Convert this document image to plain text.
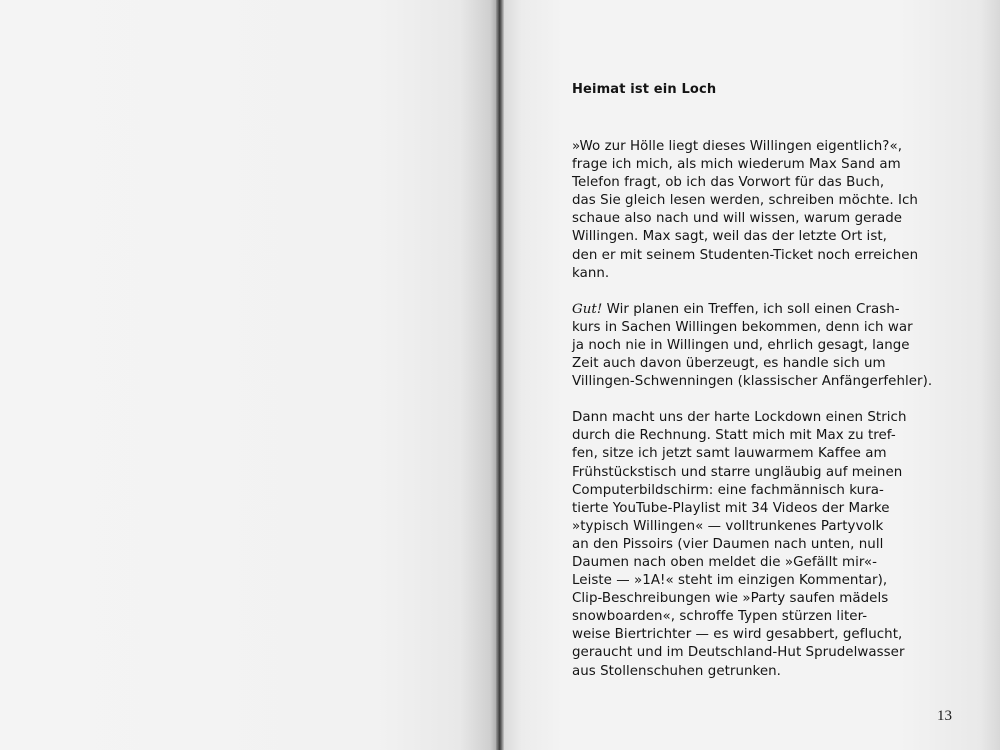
Heimat ist ein Loch

»Wo zur Hölle liegt dieses Willingen eigentlich?«,
frage ich mich, als mich wiederum Max Sand am
Telefon fragt, ob ich das Vorwort für das Buch,
das Sie gleich lesen werden, schreiben möchte. Ich
schaue also nach und will wissen, warum gerade
Willingen. Max sagt, weil das der letzte Ort ist,
den er mit seinem Studenten-Ticket noch erreichen
kann.

Gut! Wir planen ein Treffen, ich soll einen Crash-
kurs in Sachen Willingen bekommen, denn ich war
ja noch nie in Willingen und, ehrlich gesagt, lange
Zeit auch davon überzeugt, es handle sich um
Villingen-Schwenningen (klassischer Anfängerfehler).

Dann macht uns der harte Lockdown einen Strich
durch die Rechnung. Statt mich mit Max zu tref-
fen, sitze ich jetzt samt lauwarmem Kaffee am
Frühstückstisch und starre ungläubig auf meinen
Computerbildschirm: eine fachmännisch kura-
tierte YouTube-Playlist mit 34 Videos der Marke
»typisch Willingen« — volltrunkenes Partyvolk
an den Pissoirs (vier Daumen nach unten, null
Daumen nach oben meldet die »Gefällt mir«-
Leiste — »1A!« steht im einzigen Kommentar),
Clip-Beschreibungen wie »Party saufen mädels
snowboarden«, schroffe Typen stürzen liter-
weise Biertrichter — es wird gesabbert, geflucht,
geraucht und im Deutschland-Hut Sprudelwasser
aus Stollenschuhen getrunken.

13
